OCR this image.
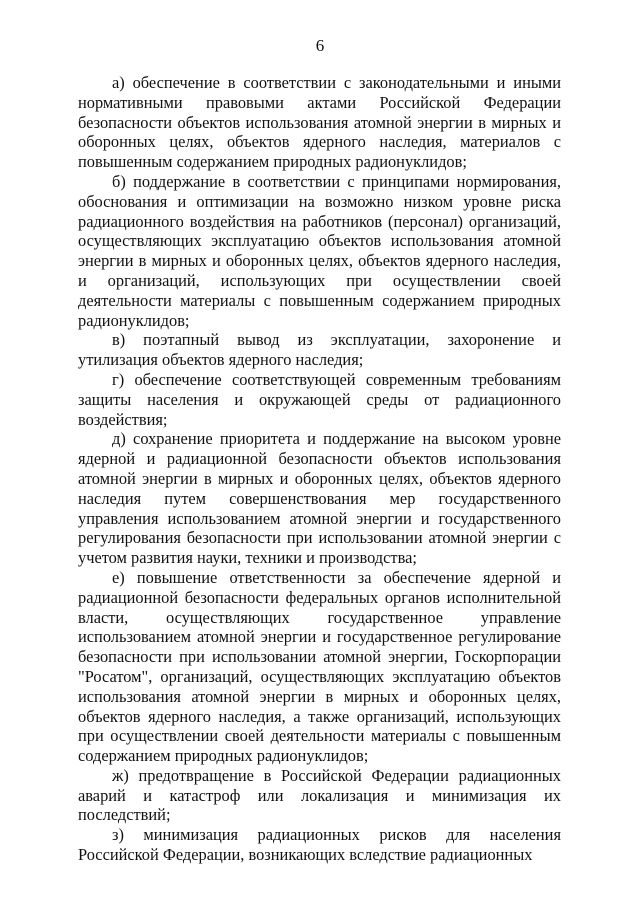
6

а) обеспечение в соответствии с законодательными и иными нормативными правовыми актами Российской Федерации безопасности объектов использования атомной энергии в мирных и оборонных целях, объектов ядерного наследия, материалов с повышенным содержанием природных радионуклидов;

б) поддержание в соответствии с принципами нормирования, обоснования и оптимизации на возможно низком уровне риска радиационного воздействия на работников (персонал) организаций, осуществляющих эксплуатацию объектов использования атомной энергии в мирных и оборонных целях, объектов ядерного наследия, и организаций, использующих при осуществлении своей деятельности материалы с повышенным содержанием природных радионуклидов;

в) поэтапный вывод из эксплуатации, захоронение и утилизация объектов ядерного наследия;

г) обеспечение соответствующей современным требованиям защиты населения и окружающей среды от радиационного воздействия;

д) сохранение приоритета и поддержание на высоком уровне ядерной и радиационной безопасности объектов использования атомной энергии в мирных и оборонных целях, объектов ядерного наследия путем совершенствования мер государственного управления использованием атомной энергии и государственного регулирования безопасности при использовании атомной энергии с учетом развития науки, техники и производства;

е) повышение ответственности за обеспечение ядерной и радиационной безопасности федеральных органов исполнительной власти, осуществляющих государственное управление использованием атомной энергии и государственное регулирование безопасности при использовании атомной энергии, Госкорпорации "Росатом", организаций, осуществляющих эксплуатацию объектов использования атомной энергии в мирных и оборонных целях, объектов ядерного наследия, а также организаций, использующих при осуществлении своей деятельности материалы с повышенным содержанием природных радионуклидов;

ж) предотвращение в Российской Федерации радиационных аварий и катастроф или локализация и минимизация их последствий;

з) минимизация радиационных рисков для населения Российской Федерации, возникающих вследствие радиационных
